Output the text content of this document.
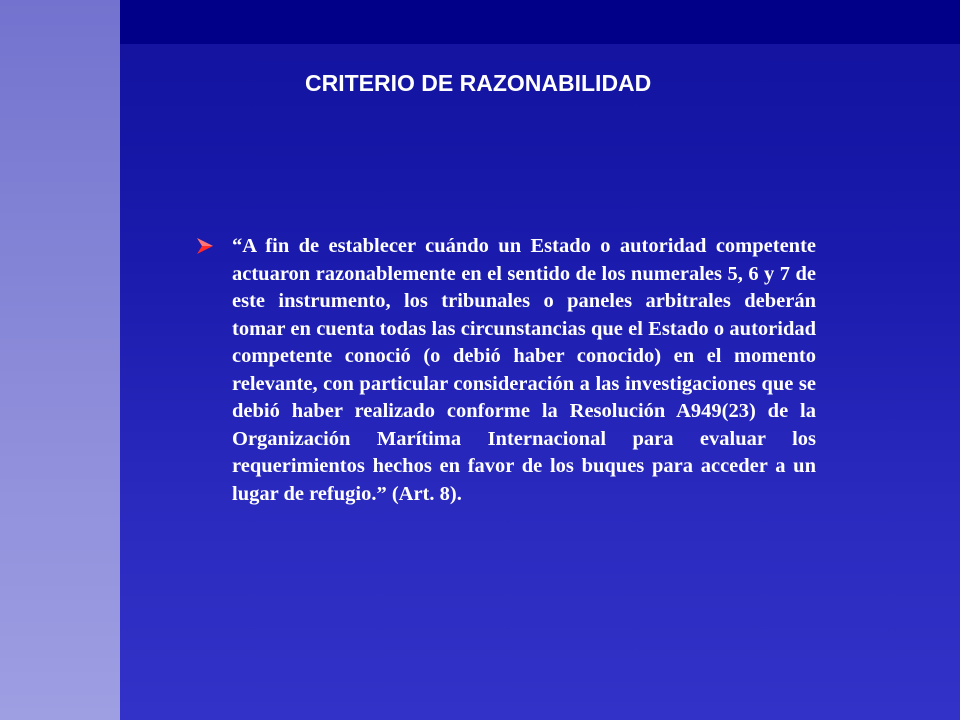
CRITERIO DE RAZONABILIDAD

“A fin de establecer cuándo un Estado o autoridad competente actuaron razonablemente en el sentido de los numerales 5, 6 y 7 de este instrumento, los tribunales o paneles arbitrales deberán tomar en cuenta todas las circunstancias que el Estado o autoridad competente conoció (o debió haber conocido) en el momento relevante, con particular consideración a las investigaciones que se debió haber realizado conforme la Resolución A949(23) de la Organización Marítima Internacional para evaluar los requerimientos hechos en favor de los buques para acceder a un lugar de refugio.” (Art. 8).
